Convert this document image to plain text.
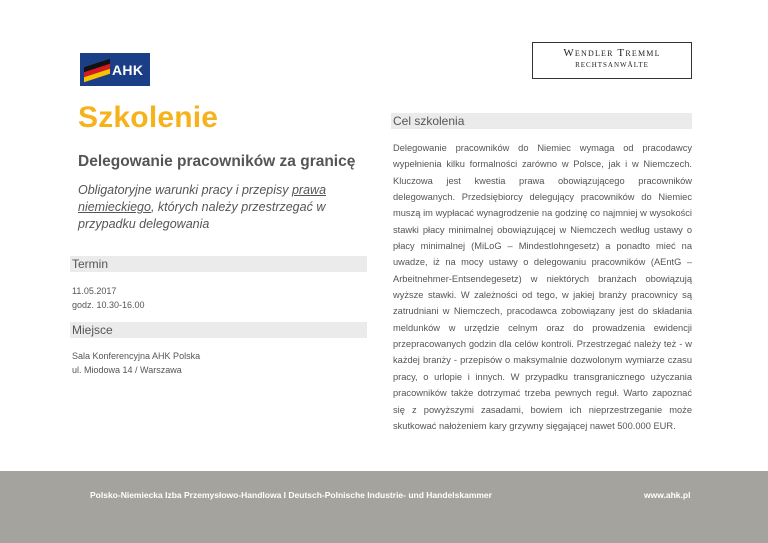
AHK
Wendler Tremml
RECHTSANWÄLTE
Szkolenie
Delegowanie pracowników za granicę
Obligatoryjne warunki pracy i przepisy prawa niemieckiego, których należy przestrzegać w przypadku delegowania
Termin
11.05.2017
godz. 10.30-16.00
Miejsce
Sala Konferencyjna AHK Polska
ul. Miodowa 14 / Warszawa
Cel szkolenia
Delegowanie pracowników do Niemiec wymaga od pracodawcy wypełnienia kilku formalności zarówno w Polsce, jak i w Niemczech. Kluczowa jest kwestia prawa obowiązującego pracowników delegowanych. Przedsiębiorcy delegujący pracowników do Niemiec muszą im wypłacać wynagrodzenie na godzinę co najmniej w wysokości stawki płacy minimalnej obowiązującej w Niemczech według ustawy o płacy minimalnej (MiLoG – Mindestlohngesetz) a ponadto mieć na uwadze, iż na mocy ustawy o delegowaniu pracowników (AEntG – Arbeitnehmer-Entsendegesetz) w niektórych branżach obowiązują wyższe stawki. W zależności od tego, w jakiej branży pracownicy są zatrudniani w Niemczech, pracodawca zobowiązany jest do składania meldunków w urzędzie celnym oraz do prowadzenia ewidencji przepracowanych godzin dla celów kontroli. Przestrzegać należy też - w każdej branży - przepisów o maksymalnie dozwolonym wymiarze czasu pracy, o urlopie i innych. W przypadku transgranicznego użyczania pracowników także dotrzymać trzeba pewnych reguł. Warto zapoznać się z powyższymi zasadami, bowiem ich nieprzestrzeganie może skutkować nałożeniem kary grzywny sięgającej nawet 500.000 EUR.
Polsko-Niemiecka Izba Przemysłowo-Handlowa I Deutsch-Polnische Industrie- und Handelskammer	www.ahk.pl
